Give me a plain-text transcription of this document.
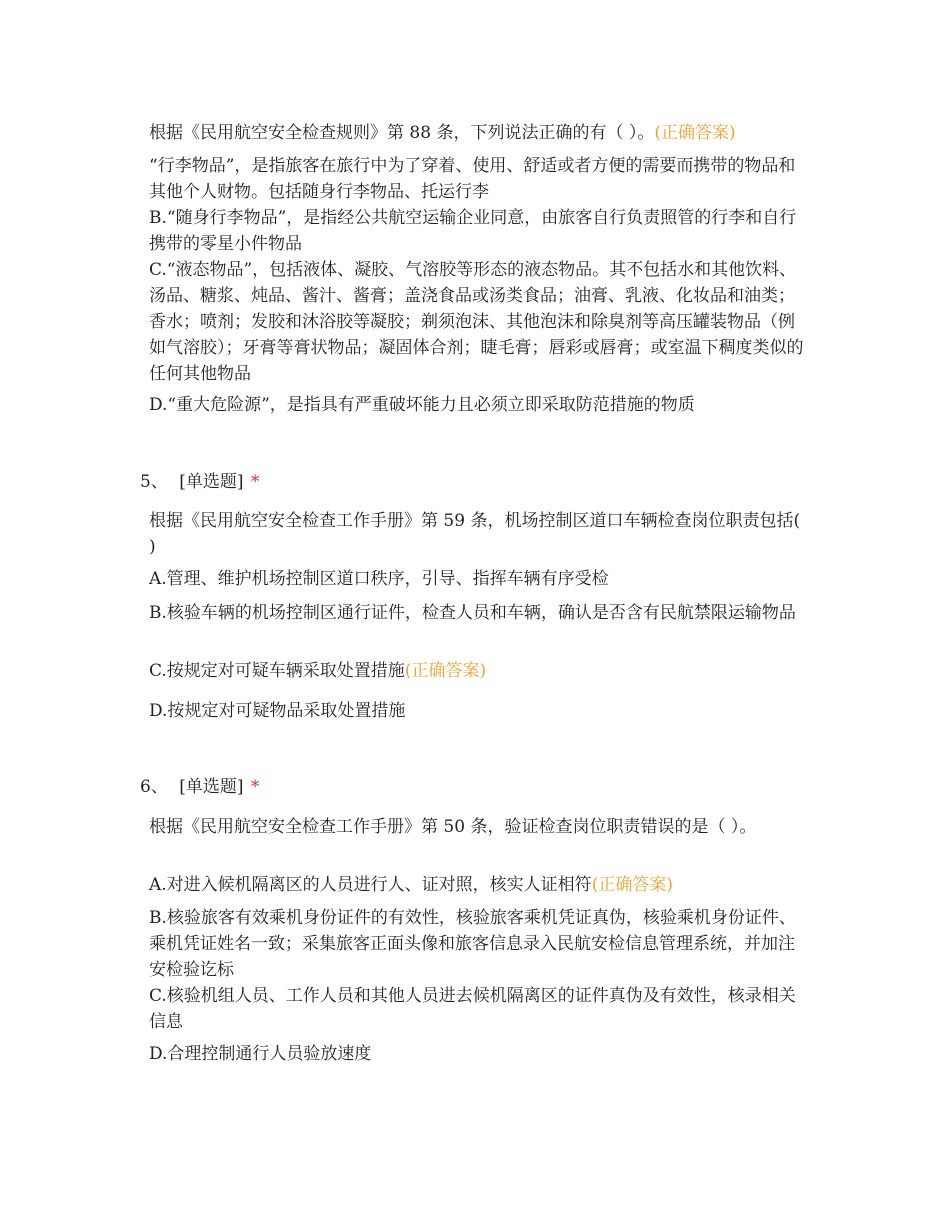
根据《民用航空安全检查规则》第 88 条，下列说法正确的有（ ）。(正确答案)
“行李物品”，是指旅客在旅行中为了穿着、使用、舒适或者方便的需要而携带的物品和其他个人财物。包括随身行李物品、托运行李
B.“随身行李物品”，是指经公共航空运输企业同意，由旅客自行负责照管的行李和自行携带的零星小件物品
C.“液态物品”，包括液体、凝胶、气溶胶等形态的液态物品。其不包括水和其他饮料、汤品、糖浆、炖品、酱汁、酱膏；盖浇食品或汤类食品；油膏、乳液、化妆品和油类；香水；喷剂；发胶和沐浴胶等凝胶；剃须泡沫、其他泡沫和除臭剂等高压罐装物品（例如气溶胶）；牙膏等膏状物品；凝固体合剂；睫毛膏；唇彩或唇膏；或室温下稠度类似的任何其他物品
D.“重大危险源”，是指具有严重破坏能力且必须立即采取防范措施的物质
5、 [单选题] *
根据《民用航空安全检查工作手册》第 59 条，机场控制区道口车辆检查岗位职责包括( )
A.管理、维护机场控制区道口秩序，引导、指挥车辆有序受检
B.核验车辆的机场控制区通行证件，检查人员和车辆，确认是否含有民航禁限运输物品
C.按规定对可疑车辆采取处置措施(正确答案)
D.按规定对可疑物品采取处置措施
6、 [单选题] *
根据《民用航空安全检查工作手册》第 50 条，验证检查岗位职责错误的是（ ）。
A.对进入候机隔离区的人员进行人、证对照，核实人证相符(正确答案)
B.核验旅客有效乘机身份证件的有效性，核验旅客乘机凭证真伪，核验乘机身份证件、乘机凭证姓名一致；采集旅客正面头像和旅客信息录入民航安检信息管理系统，并加注安检验讫标
C.核验机组人员、工作人员和其他人员进去候机隔离区的证件真伪及有效性，核录相关信息
D.合理控制通行人员验放速度
